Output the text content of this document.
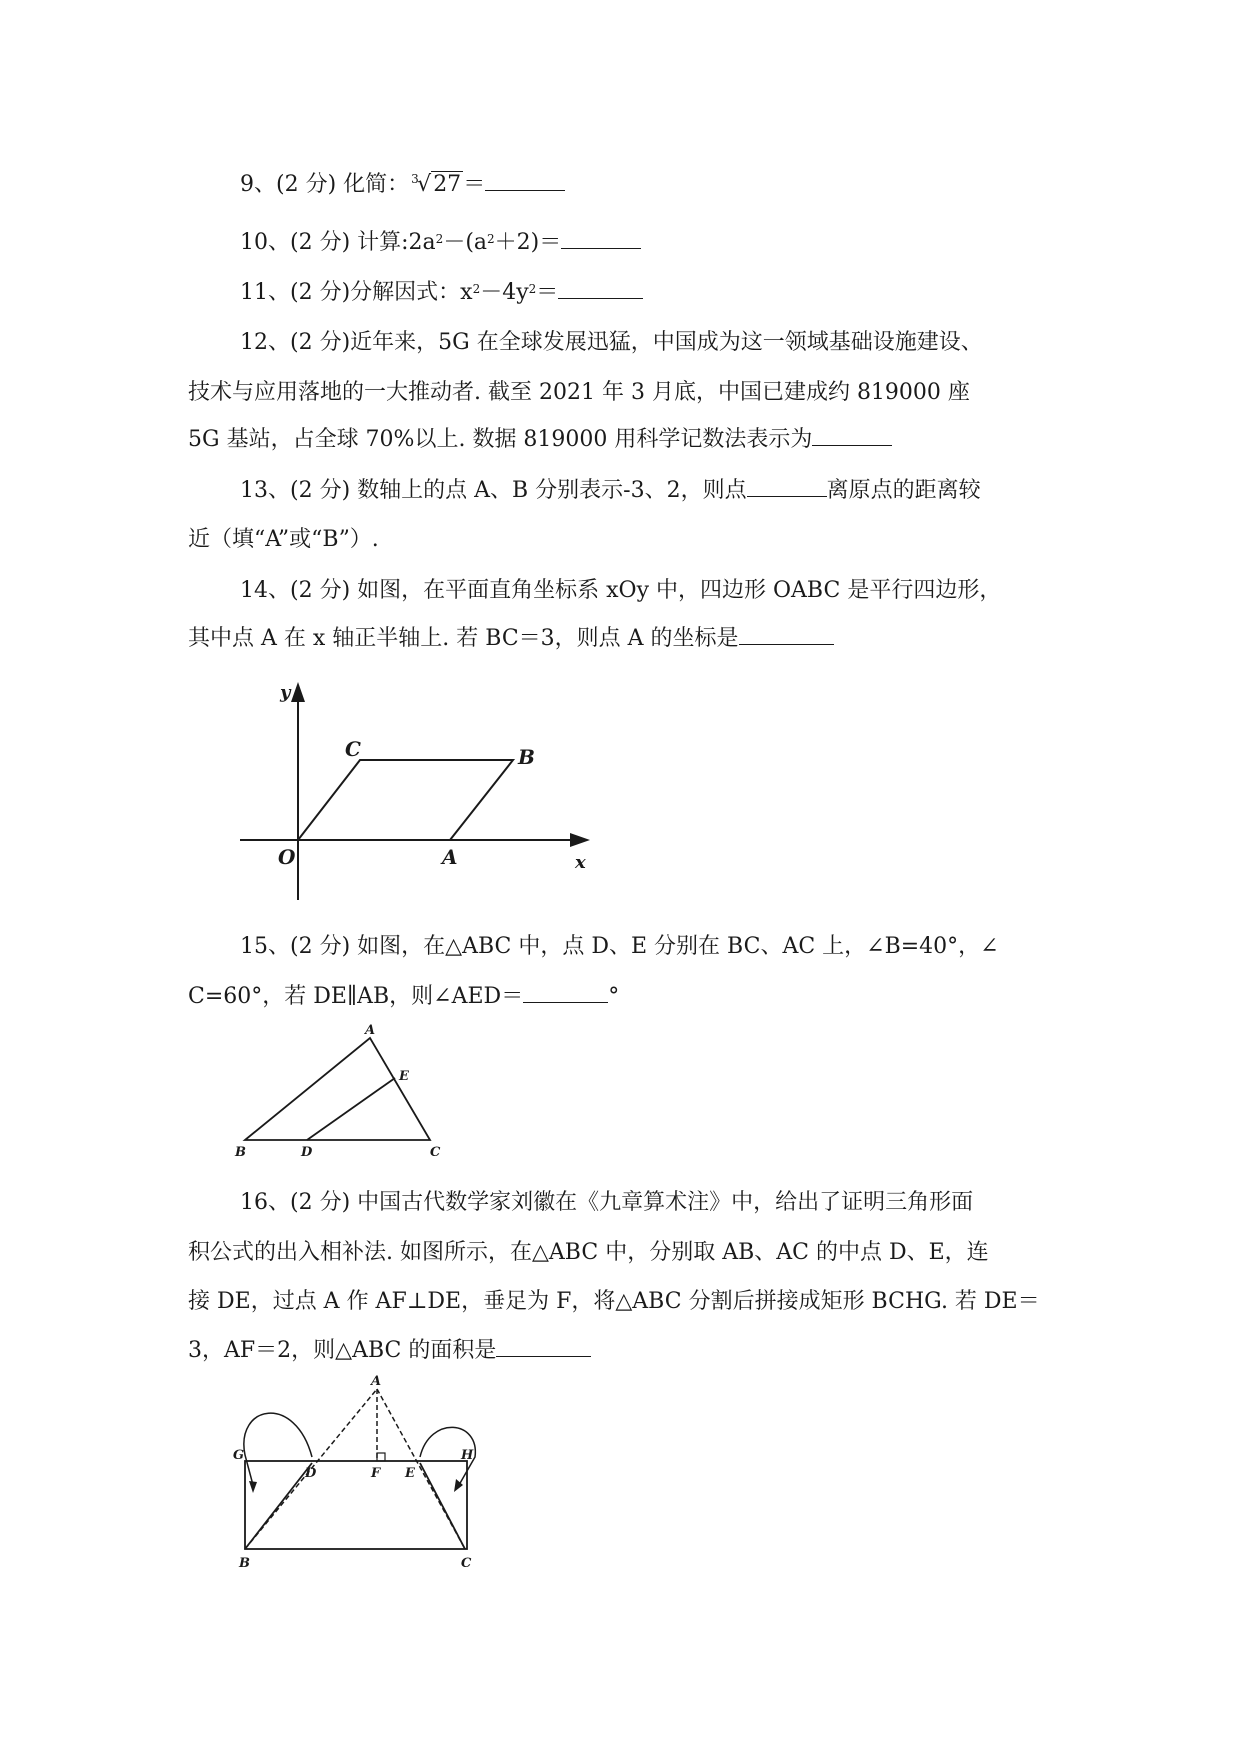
9、(2 分) 化简： 3
√27＝
10、(2 分) 计算$:2a^2-(a^2+2)=$
11、(2 分)分解因式：$x^2-4y^2=$
12、(2 分)近年来，5G 在全球发展迅猛，中国成为这一领域基础设施建设、
技术与应用落地的一大推动者. 截至 2021 年 3 月底，中国已建成约 819000 座
5G 基站，占全球 70%以上. 数据 819000 用科学记数法表示为
13、(2 分) 数轴上的点 A、B 分别表示-3、2，则点	离原点的距离较
近（填“A”或“B”）.
14、(2 分) 如图，在平面直角坐标系 xOy 中，四边形 OABC 是平行四边形，
其中点 A 在 x 轴正半轴上. 若 BC＝3，则点 A 的坐标是
y
x
O	A
B
C
15、(2 分) 如图，在△ABC 中，点 D、E 分别在 BC、AC 上，∠B=40°，∠
C=60°，若 DE∥AB，则∠AED＝	°
A
B	C
D
E
16、(2 分) 中国古代数学家刘徽在《九章算术注》中，给出了证明三角形面
积公式的出入相补法. 如图所示，在△ABC 中，分别取 AB、AC 的中点 D、E，连
接 DE，过点 A 作 AF⊥DE，垂足为 F，将△ABC 分割后拼接成矩形 BCHG. 若 DE＝
3，AF＝2，则△ABC 的面积是
A
G
D	F E
H
B	C
